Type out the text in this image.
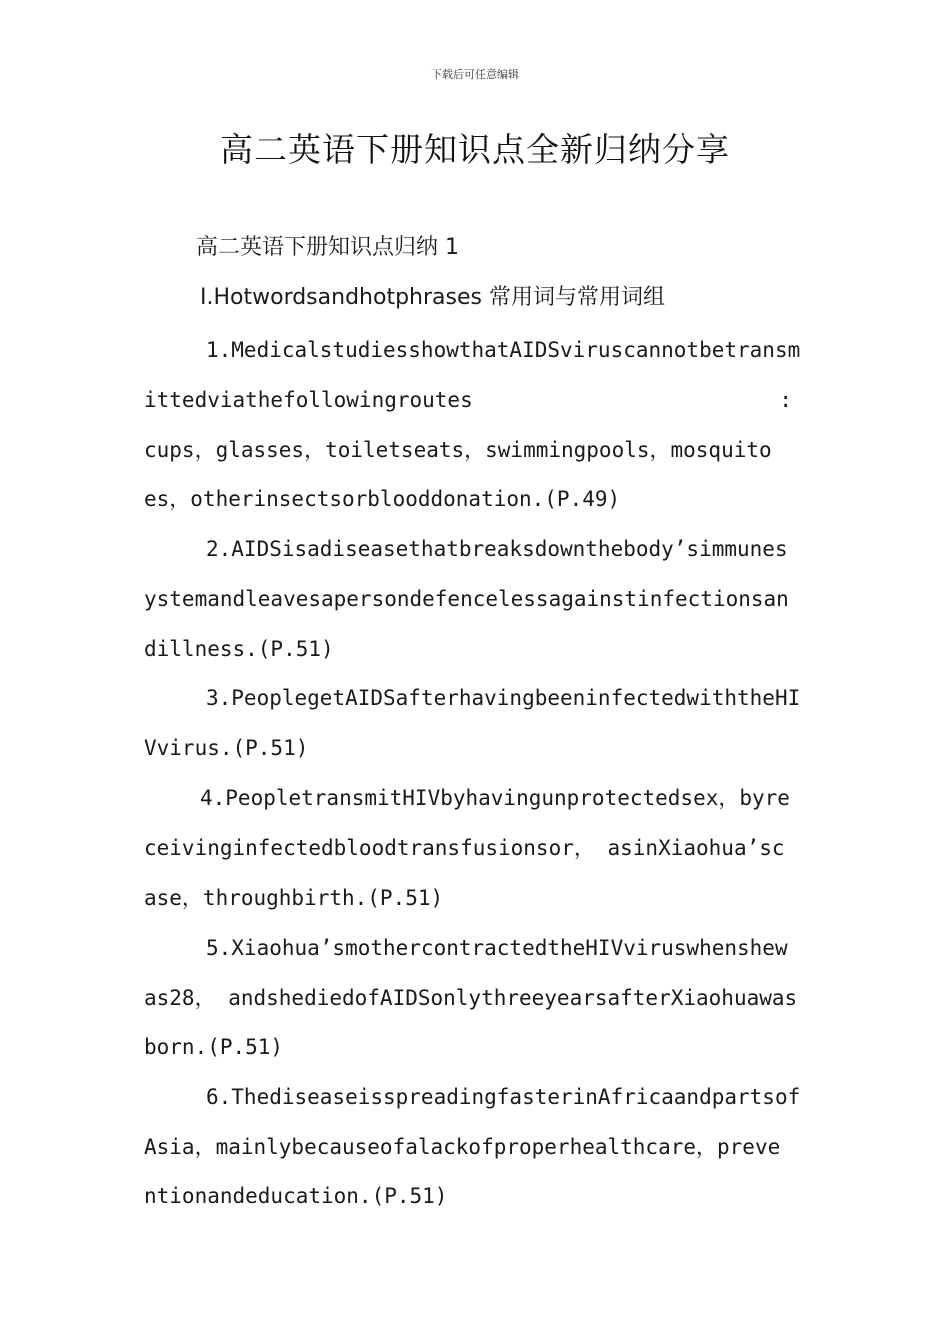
下载后可任意编辑
高二英语下册知识点全新归纳分享
高二英语下册知识点归纳 1
Ⅰ.Hotwordsandhotphrases 常用词与常用词组
1.MedicalstudiesshowthatAIDSviruscannotbetransm
ittedviathefollowingroutes	:
cups，glasses，toiletseats，swimmingpools，mosquito
es，otherinsectsorblooddonation.(P.49)
2.AIDSisadiseasethatbreaksdownthebody’simmunes
ystemandleavesapersondefencelessagainstinfectionsan
dillness.(P.51)
3.PeoplegetAIDSafterhavingbeeninfectedwiththeHI
Vvirus.(P.51)
4.PeopletransmitHIVbyhavingunprotectedsex，byre
ceivinginfectedbloodtransfusionsor， asinXiaohua’sc
ase，throughbirth.(P.51)
5.Xiaohua’smothercontractedtheHIVviruswhenshew
as28， andshediedofAIDSonlythreeyearsafterXiaohuawas
born.(P.51)
6.ThediseaseisspreadingfasterinAfricaandpartsof
Asia，mainlybecauseofalackofproperhealthcare，preve
ntionandeducation.(P.51)
